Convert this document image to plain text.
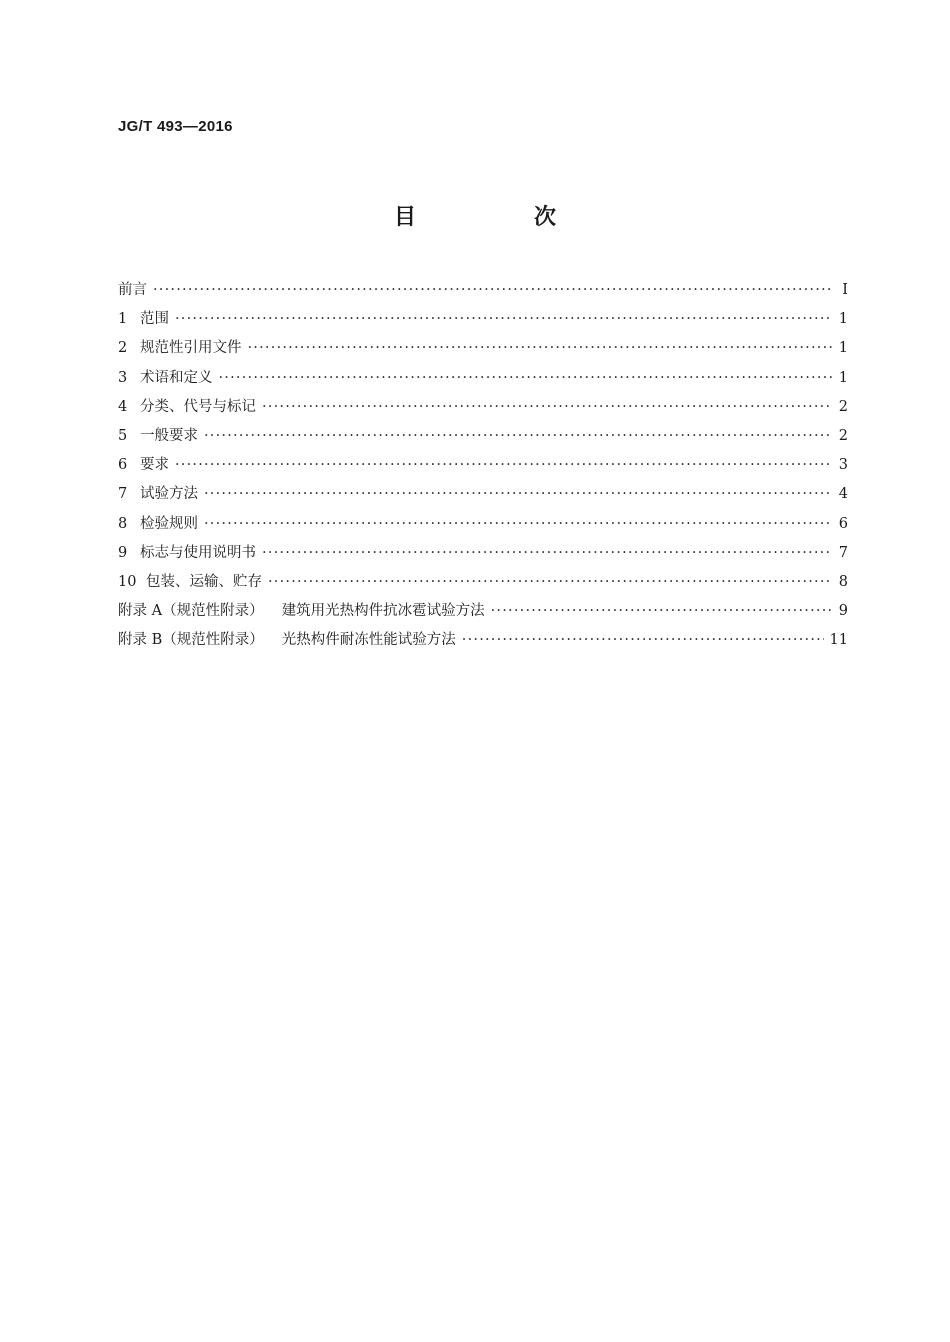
JG/T 493—2016
目　次
前言 ·····	Ⅰ
1 范围 ·····	1
2 规范性引用文件 ·····	1
3 术语和定义 ·····	1
4 分类、代号与标记 ·····	2
5 一般要求 ·····	2
6 要求 ·····	3
7 试验方法 ·····	4
8 检验规则 ·····	6
9 标志与使用说明书 ·····	7
10 包装、运输、贮存 ·····	8
附录 A（规范性附录） 建筑用光热构件抗冰雹试验方法 ·····	9
附录 B（规范性附录） 光热构件耐冻性能试验方法 ·····	11
